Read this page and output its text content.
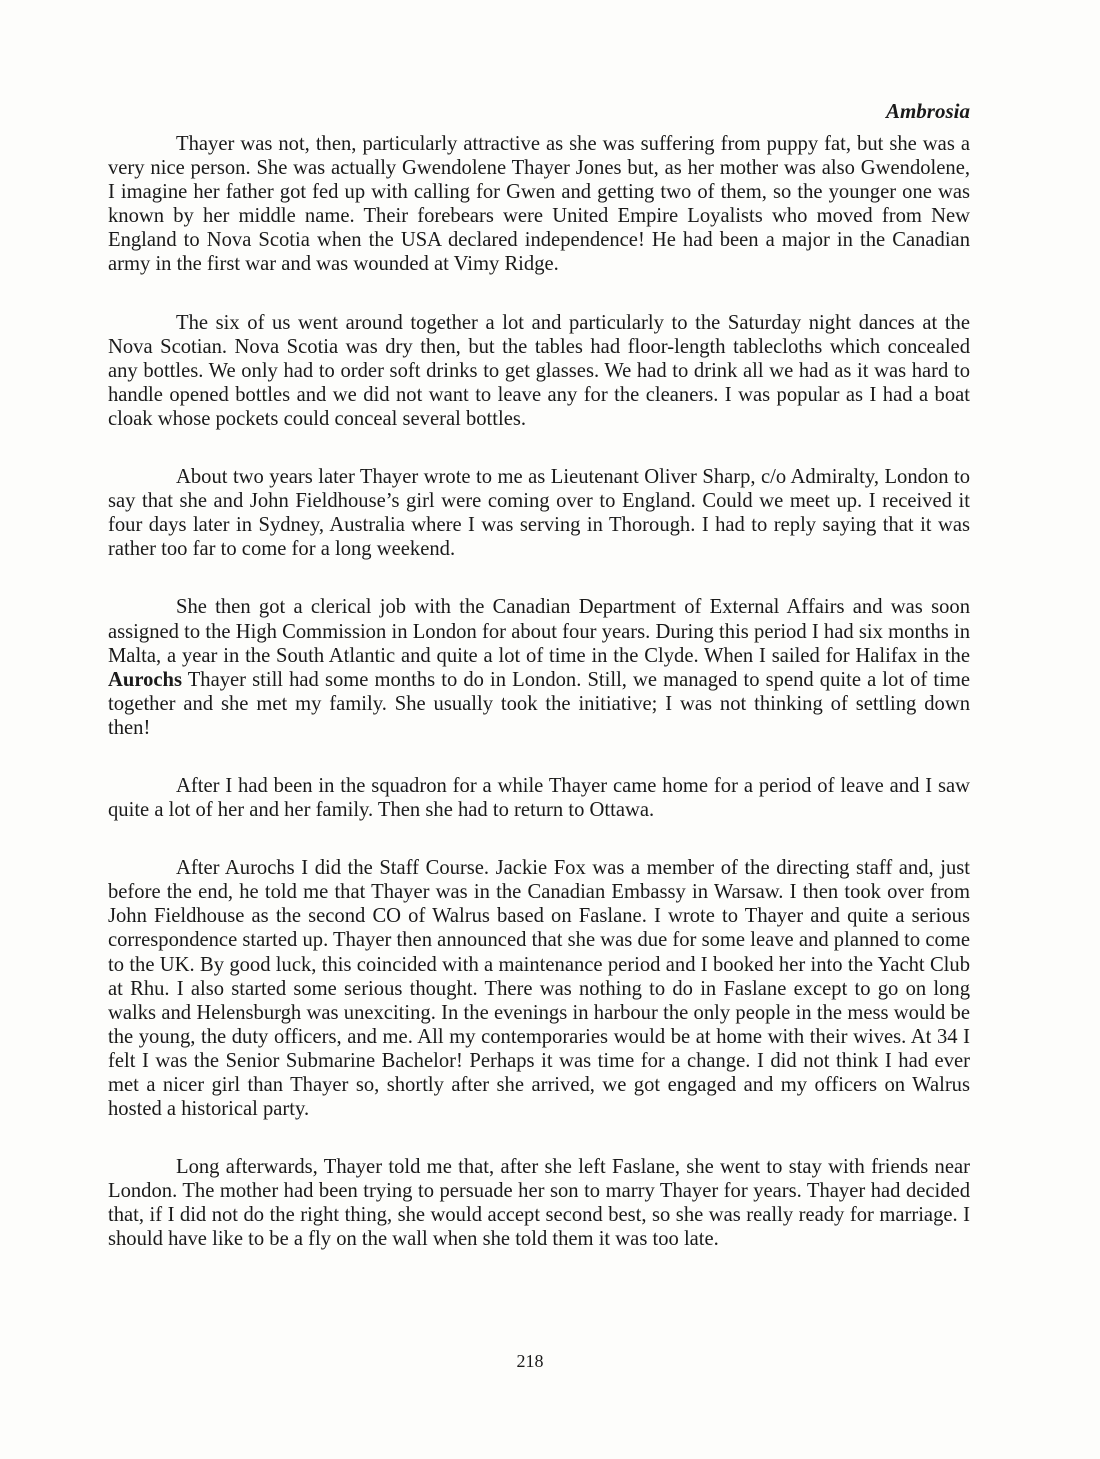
Ambrosia

Thayer was not, then, particularly attractive as she was suffering from puppy fat, but she was a very nice person. She was actually Gwendolene Thayer Jones but, as her mother was also Gwendolene, I imagine her father got fed up with calling for Gwen and getting two of them, so the younger one was known by her middle name. Their forebears were United Empire Loyalists who moved from New England to Nova Scotia when the USA declared independence! He had been a major in the Canadian army in the first war and was wounded at Vimy Ridge.

The six of us went around together a lot and particularly to the Saturday night dances at the Nova Scotian. Nova Scotia was dry then, but the tables had floor-length tablecloths which concealed any bottles. We only had to order soft drinks to get glasses. We had to drink all we had as it was hard to handle opened bottles and we did not want to leave any for the cleaners. I was popular as I had a boat cloak whose pockets could conceal several bottles.

About two years later Thayer wrote to me as Lieutenant Oliver Sharp, c/o Admiralty, London to say that she and John Fieldhouse’s girl were coming over to England. Could we meet up. I received it four days later in Sydney, Australia where I was serving in Thorough. I had to reply saying that it was rather too far to come for a long weekend.

She then got a clerical job with the Canadian Department of External Affairs and was soon assigned to the High Commission in London for about four years. During this period I had six months in Malta, a year in the South Atlantic and quite a lot of time in the Clyde. When I sailed for Halifax in the Aurochs Thayer still had some months to do in London. Still, we managed to spend quite a lot of time together and she met my family. She usually took the initiative; I was not thinking of settling down then!

After I had been in the squadron for a while Thayer came home for a period of leave and I saw quite a lot of her and her family. Then she had to return to Ottawa.

After Aurochs I did the Staff Course. Jackie Fox was a member of the directing staff and, just before the end, he told me that Thayer was in the Canadian Embassy in Warsaw. I then took over from John Fieldhouse as the second CO of Walrus based on Faslane. I wrote to Thayer and quite a serious correspondence started up. Thayer then announced that she was due for some leave and planned to come to the UK. By good luck, this coincided with a maintenance period and I booked her into the Yacht Club at Rhu. I also started some serious thought. There was nothing to do in Faslane except to go on long walks and Helensburgh was unexciting. In the evenings in harbour the only people in the mess would be the young, the duty officers, and me. All my contemporaries would be at home with their wives. At 34 I felt I was the Senior Submarine Bachelor! Perhaps it was time for a change. I did not think I had ever met a nicer girl than Thayer so, shortly after she arrived, we got engaged and my officers on Walrus hosted a historical party.

Long afterwards, Thayer told me that, after she left Faslane, she went to stay with friends near London. The mother had been trying to persuade her son to marry Thayer for years. Thayer had decided that, if I did not do the right thing, she would accept second best, so she was really ready for marriage. I should have like to be a fly on the wall when she told them it was too late.

218
